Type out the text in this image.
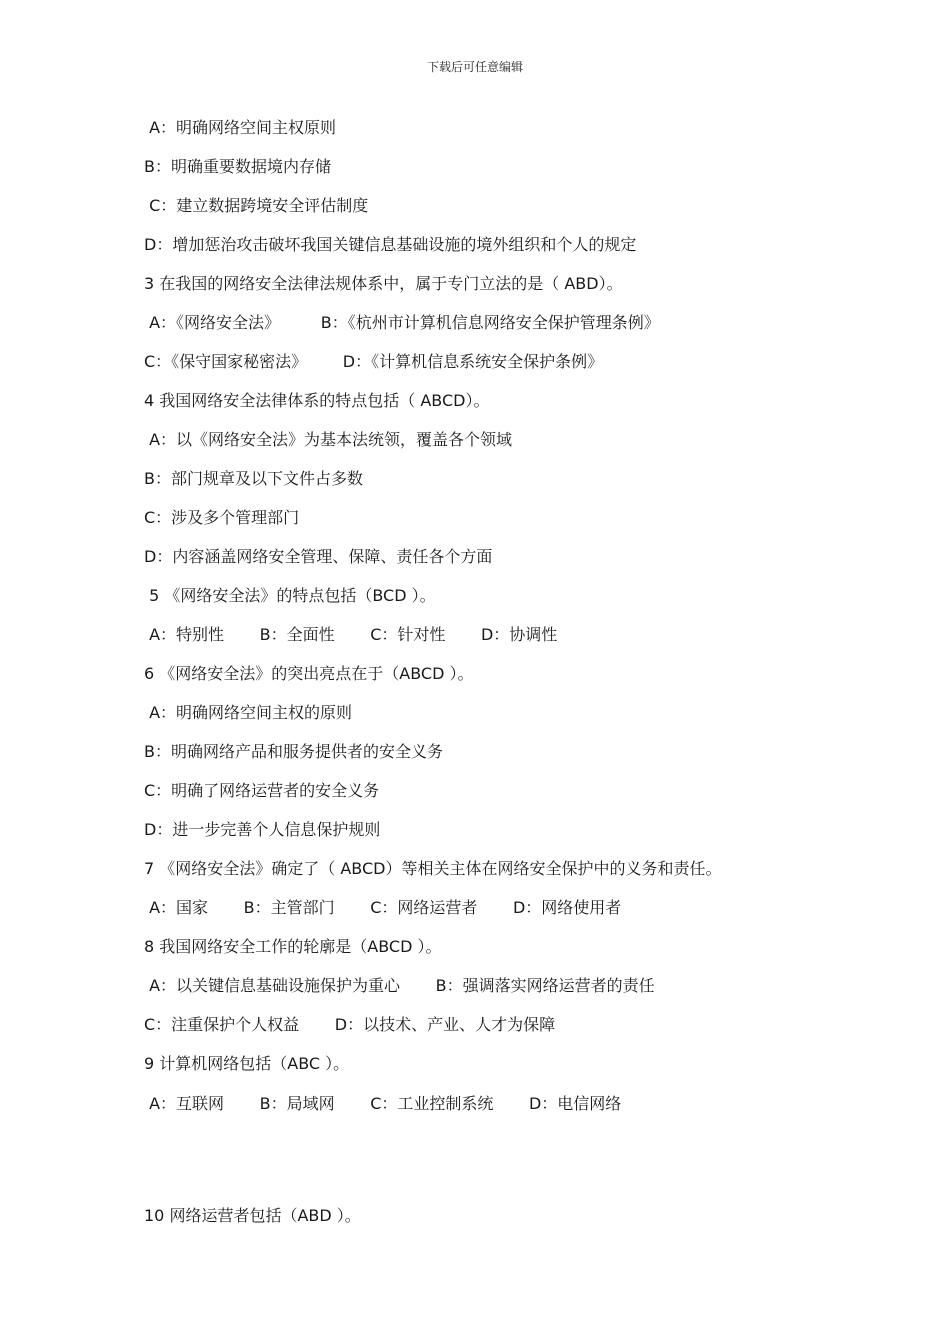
下载后可任意编辑
A：明确网络空间主权原则
B：明确重要数据境内存储
C：建立数据跨境安全评估制度
D：增加惩治攻击破坏我国关键信息基础设施的境外组织和个人的规定
3 在我国的网络安全法律法规体系中，属于专门立法的是（ ABD）。
A：《网络安全法》        B：《杭州市计算机信息网络安全保护管理条例》
C：《保守国家秘密法》       D：《计算机信息系统安全保护条例》
4 我国网络安全法律体系的特点包括（ ABCD）。
A：以《网络安全法》为基本法统领，覆盖各个领域
B：部门规章及以下文件占多数
C：涉及多个管理部门
D：内容涵盖网络安全管理、保障、责任各个方面
5 《网络安全法》的特点包括（BCD ）。
A：特别性       B：全面性       C：针对性       D：协调性
6 《网络安全法》的突出亮点在于（ABCD ）。
A：明确网络空间主权的原则
B：明确网络产品和服务提供者的安全义务
C：明确了网络运营者的安全义务
D：进一步完善个人信息保护规则
7 《网络安全法》确定了（ ABCD）等相关主体在网络安全保护中的义务和责任。
A：国家       B：主管部门       C：网络运营者       D：网络使用者
8 我国网络安全工作的轮廓是（ABCD ）。
A：以关键信息基础设施保护为重心       B：强调落实网络运营者的责任
C：注重保护个人权益       D：以技术、产业、人才为保障
9 计算机网络包括（ABC ）。
A：互联网       B：局域网       C：工业控制系统       D：电信网络
10 网络运营者包括（ABD ）。
